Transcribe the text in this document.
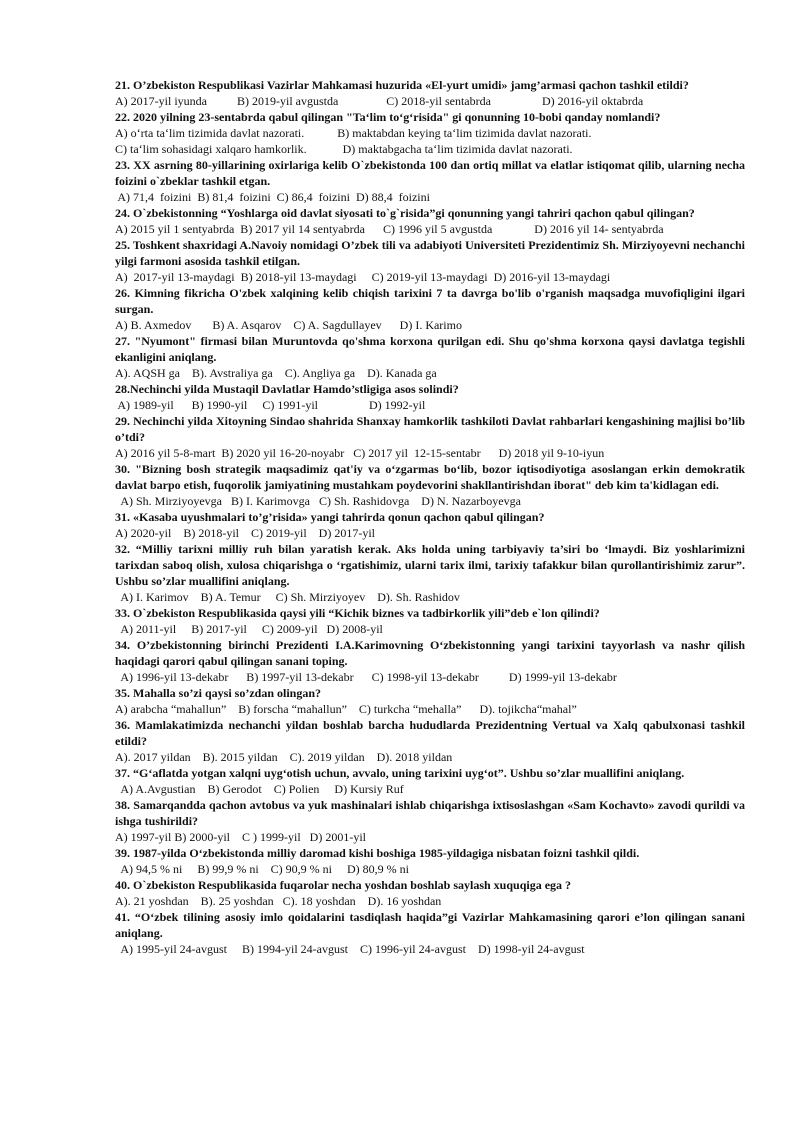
21. O’zbekiston Respublikasi Vazirlar Mahkamasi huzurida «El-yurt umidi» jamg’armasi qachon tashkil etildi?
A) 2017-yil iyunda          B) 2019-yil avgustda                C) 2018-yil sentabrda                 D) 2016-yil oktabrda
22. 2020 yilning 23-sentabrda qabul qilingan "Ta‘lim to‘g‘risida" gi qonunning 10-bobi qanday nomlandi?
A) o‘rta ta‘lim tizimida davlat nazorati.           B) maktabdan keying ta‘lim tizimida davlat nazorati.
C) ta‘lim sohasidagi xalqaro hamkorlik.            D) maktabgacha ta‘lim tizimida davlat nazorati.
23. XX asrning 80-yillarining oxirlariga kelib O`zbekistonda 100 dan ortiq millat va elatlar istiqomat qilib, ularning necha foizini o`zbeklar tashkil etgan.
A) 71,4  foizini  B) 81,4  foizini  C) 86,4  foizini  D) 88,4  foizini
24. O`zbekistonning “Yoshlarga oid davlat siyosati to`g`risida”gi qonunning yangi tahriri qachon qabul qilingan?
A) 2015 yil 1 sentyabrda  B) 2017 yil 14 sentyabrda      C) 1996 yil 5 avgustda              D) 2016 yil 14- sentyabrda
25. Toshkent shaxridagi A.Navoiy nomidagi O’zbek tili va adabiyoti Universiteti Prezidentimiz Sh. Mirziyoyevni nechanchi yilgi farmoni asosida tashkil etilgan.
A)  2017-yil 13-maydagi  B) 2018-yil 13-maydagi     C) 2019-yil 13-maydagi  D) 2016-yil 13-maydagi
26. Kimning fikricha O'zbek xalqining kelib chiqish tarixini 7 ta davrga bo'lib o'rganish maqsadga muvofiqligini ilgari surgan.
A) B. Axmedov       B) A. Asqarov    C) A. Sagdullayev      D) I. Karimo
27. "Nyumont" firmasi bilan Muruntovda qo'shma korxona qurilgan edi. Shu qo'shma korxona qaysi davlatga tegishli ekanligini aniqlang.
A). AQSH ga    B). Avstraliya ga    C). Angliya ga    D). Kanada ga
28.Nechinchi yilda Mustaqil Davlatlar Hamdo’stligiga asos solindi?
A) 1989-yil      B) 1990-yil     C) 1991-yil                 D) 1992-yil
29. Nechinchi yilda Xitoyning Sindao shahrida Shanxay hamkorlik tashkiloti Davlat rahbarlari kengashining majlisi bo’lib o’tdi?
A) 2016 yil 5-8-mart  B) 2020 yil 16-20-noyabr   C) 2017 yil  12-15-sentabr      D) 2018 yil 9-10-iyun
30. "Bizning bosh strategik maqsadimiz qat'iy va o‘zgarmas bo‘lib, bozor iqtisodiyotiga asoslangan erkin demokratik davlat barpo etish, fuqorolik jamiyatining mustahkam poydevorini shakllantirishdan iborat" deb kim ta'kidlagan edi.
A) Sh. Mirziyoyevga   B) I. Karimovga   C) Sh. Rashidovga    D) N. Nazarboyevga
31. «Kasaba uyushmalari to’g’risida» yangi tahrirda qonun qachon qabul qilingan?
A) 2020-yil    B) 2018-yil    C) 2019-yil    D) 2017-yil
32. “Milliy tarixni milliy ruh bilan yaratish kerak. Aks holda uning tarbiyaviy ta’siri bo ‘lmaydi. Biz yoshlarimizni tarixdan saboq olish, xulosa chiqarishga o ‘rgatishimiz, ularni tarix ilmi, tarixiy tafakkur bilan qurollantirishimiz zarur”. Ushbu so’zlar muallifini aniqlang.
A) I. Karimov    B) A. Temur     C) Sh. Mirziyoyev    D). Sh. Rashidov
33. O`zbekiston Respublikasida qaysi yili “Kichik biznes va tadbirkorlik yili”deb e`lon qilindi?
A) 2011-yil     B) 2017-yil     C) 2009-yil   D) 2008-yil
34. O’zbekistonning birinchi Prezidenti I.A.Karimovning O‘zbekistonning yangi tarixini tayyorlash va nashr qilish haqidagi qarori qabul qilingan sanani toping.
A) 1996-yil 13-dekabr      B) 1997-yil 13-dekabr      C) 1998-yil 13-dekabr          D) 1999-yil 13-dekabr
35. Mahalla so’zi qaysi so’zdan olingan?
A) arabcha “mahallun”    B) forscha “mahallun”    C) turkcha “mehalla”      D). tojikcha“mahal”
36. Mamlakatimizda nechanchi yildan boshlab barcha hududlarda Prezidentning Vertual va Xalq qabulxonasi tashkil etildi?
A). 2017 yildan    B). 2015 yildan    C). 2019 yildan    D). 2018 yildan
37. “G‘aflatda yotgan xalqni uyg‘otish uchun, avvalo, uning tarixini uyg‘ot”. Ushbu so’zlar muallifini aniqlang.
A) A.Avgustian    B) Gerodot    C) Polien     D) Kursiy Ruf
38. Samarqandda qachon avtobus va yuk mashinalari ishlab chiqarishga ixtisoslashgan «Sam Kochavto» zavodi qurildi va ishga tushirildi?
A) 1997-yil B) 2000-yil    C ) 1999-yil   D) 2001-yil
39. 1987-yilda O‘zbekistonda milliy daromad kishi boshiga 1985-yildagiga nisbatan foizni tashkil qildi.
A) 94,5 % ni     B) 99,9 % ni    C) 90,9 % ni     D) 80,9 % ni
40. O`zbekiston Respublikasida fuqarolar necha yoshdan boshlab saylash xuquqiga ega ?
A). 21 yoshdan    B). 25 yoshdan   C). 18 yoshdan    D). 16 yoshdan
41. “O‘zbek tilining asosiy imlo qoidalarini tasdiqlash haqida”gi Vazirlar Mahkamasining qarori e’lon qilingan sanani aniqlang.
A) 1995-yil 24-avgust     B) 1994-yil 24-avgust    C) 1996-yil 24-avgust    D) 1998-yil 24-avgust
